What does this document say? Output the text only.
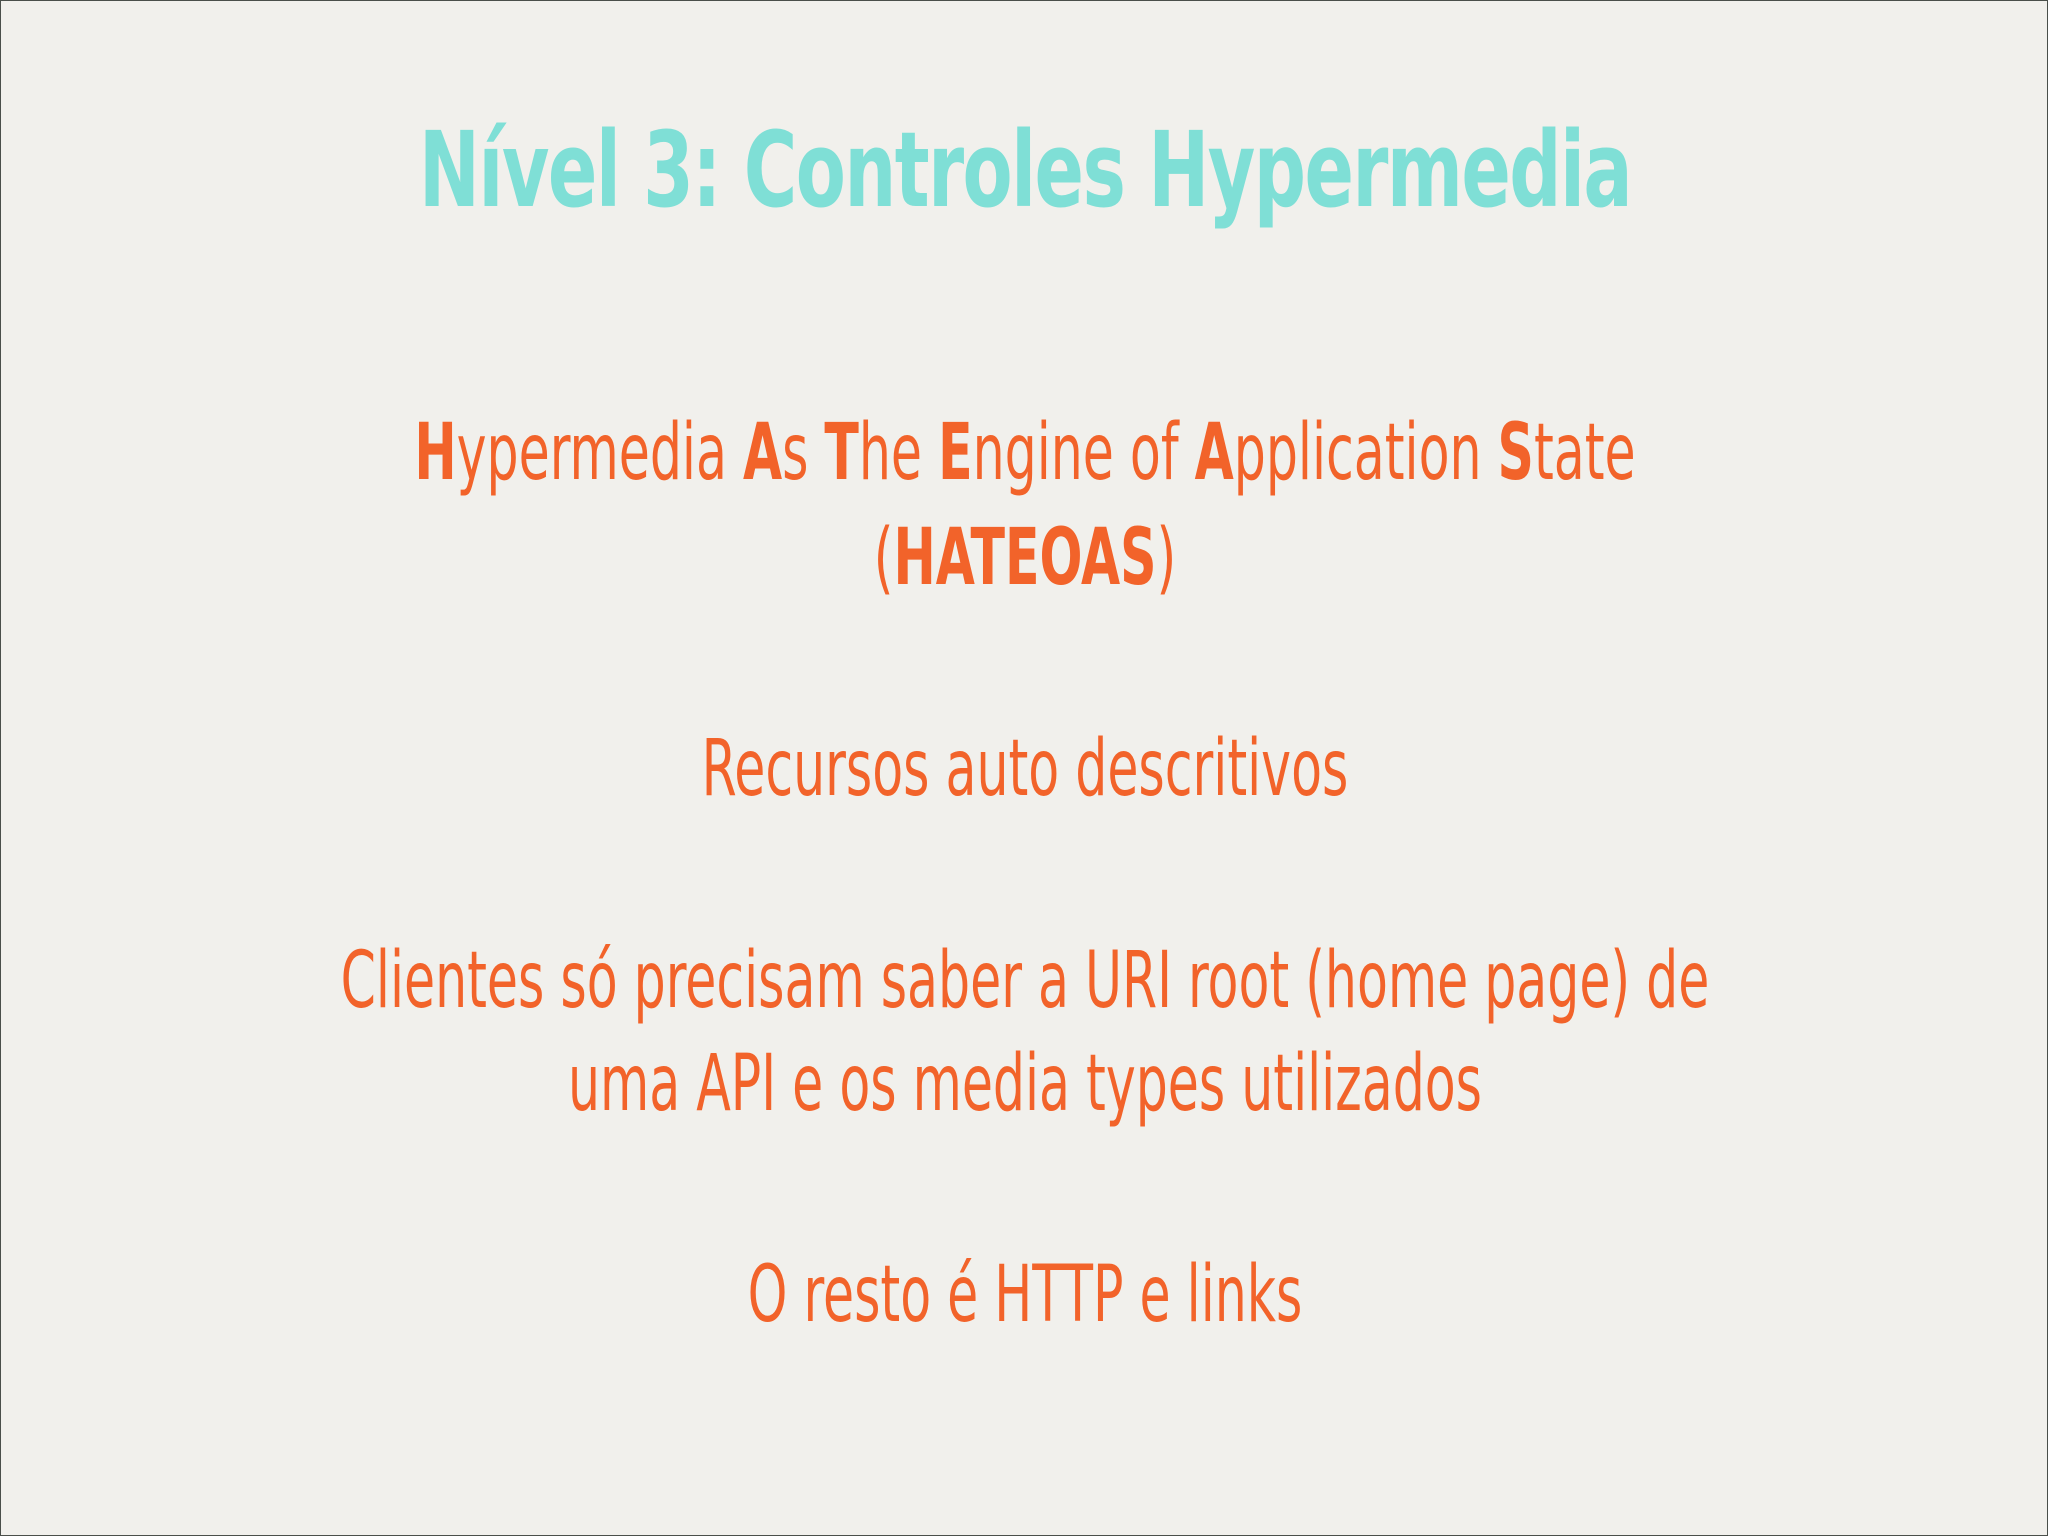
Nível 3: Controles Hypermedia
Hypermedia As The Engine of Application State
(HATEOAS)
Recursos auto descritivos
Clientes só precisam saber a URI root (home page) de
uma API e os media types utilizados
O resto é HTTP e links
